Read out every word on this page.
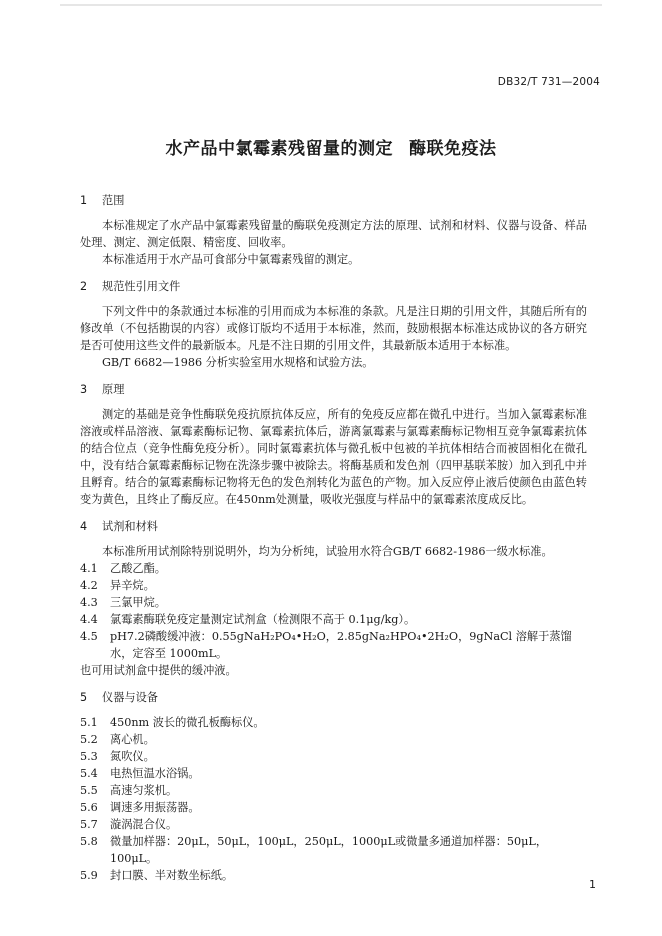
DB32/T 731—2004
水产品中氯霉素残留量的测定 酶联免疫法
1 范围
本标准规定了水产品中氯霉素残留量的酶联免疫测定方法的原理、试剂和材料、仪器与设备、样品处理、测定、测定低限、精密度、回收率。
本标准适用于水产品可食部分中氯霉素残留的测定。
2 规范性引用文件
下列文件中的条款通过本标准的引用而成为本标准的条款。凡是注日期的引用文件，其随后所有的修改单（不包括勘误的内容）或修订版均不适用于本标准，然而，鼓励根据本标准达成协议的各方研究是否可使用这些文件的最新版本。凡是不注日期的引用文件，其最新版本适用于本标准。
GB/T 6682—1986 分析实验室用水规格和试验方法。
3 原理
测定的基础是竞争性酶联免疫抗原抗体反应，所有的免疫反应都在微孔中进行。当加入氯霉素标准溶液或样品溶液、氯霉素酶标记物、氯霉素抗体后，游离氯霉素与氯霉素酶标记物相互竞争氯霉素抗体的结合位点（竞争性酶免疫分析）。同时氯霉素抗体与微孔板中包被的羊抗体相结合而被固相化在微孔中，没有结合氯霉素酶标记物在洗涤步骤中被除去。将酶基质和发色剂（四甲基联苯胺）加入到孔中并且孵育。结合的氯霉素酶标记物将无色的发色剂转化为蓝色的产物。加入反应停止液后使颜色由蓝色转变为黄色，且终止了酶反应。在450nm处测量，吸收光强度与样品中的氯霉素浓度成反比。
4 试剂和材料
本标准所用试剂除特别说明外，均为分析纯，试验用水符合GB/T 6682-1986一级水标准。
4.1	乙酸乙酯。
4.2	异辛烷。
4.3	三氯甲烷。
4.4	氯霉素酶联免疫定量测定试剂盒（检测限不高于 0.1μg/kg）。
4.5	pH7.2磷酸缓冲液：0.55gNaH₂PO₄•H₂O，2.85gNa₂HPO₄•2H₂O，9gNaCl 溶解于蒸馏水，定容至 1000mL。
也可用试剂盒中提供的缓冲液。
5 仪器与设备
5.1	450nm 波长的微孔板酶标仪。
5.2	离心机。
5.3	氮吹仪。
5.4	电热恒温水浴锅。
5.5	高速匀浆机。
5.6	调速多用振荡器。
5.7	漩涡混合仪。
5.8	微量加样器：20μL，50μL，100μL，250μL，1000μL或微量多通道加样器：50μL，100μL。
5.9	封口膜、半对数坐标纸。
1
